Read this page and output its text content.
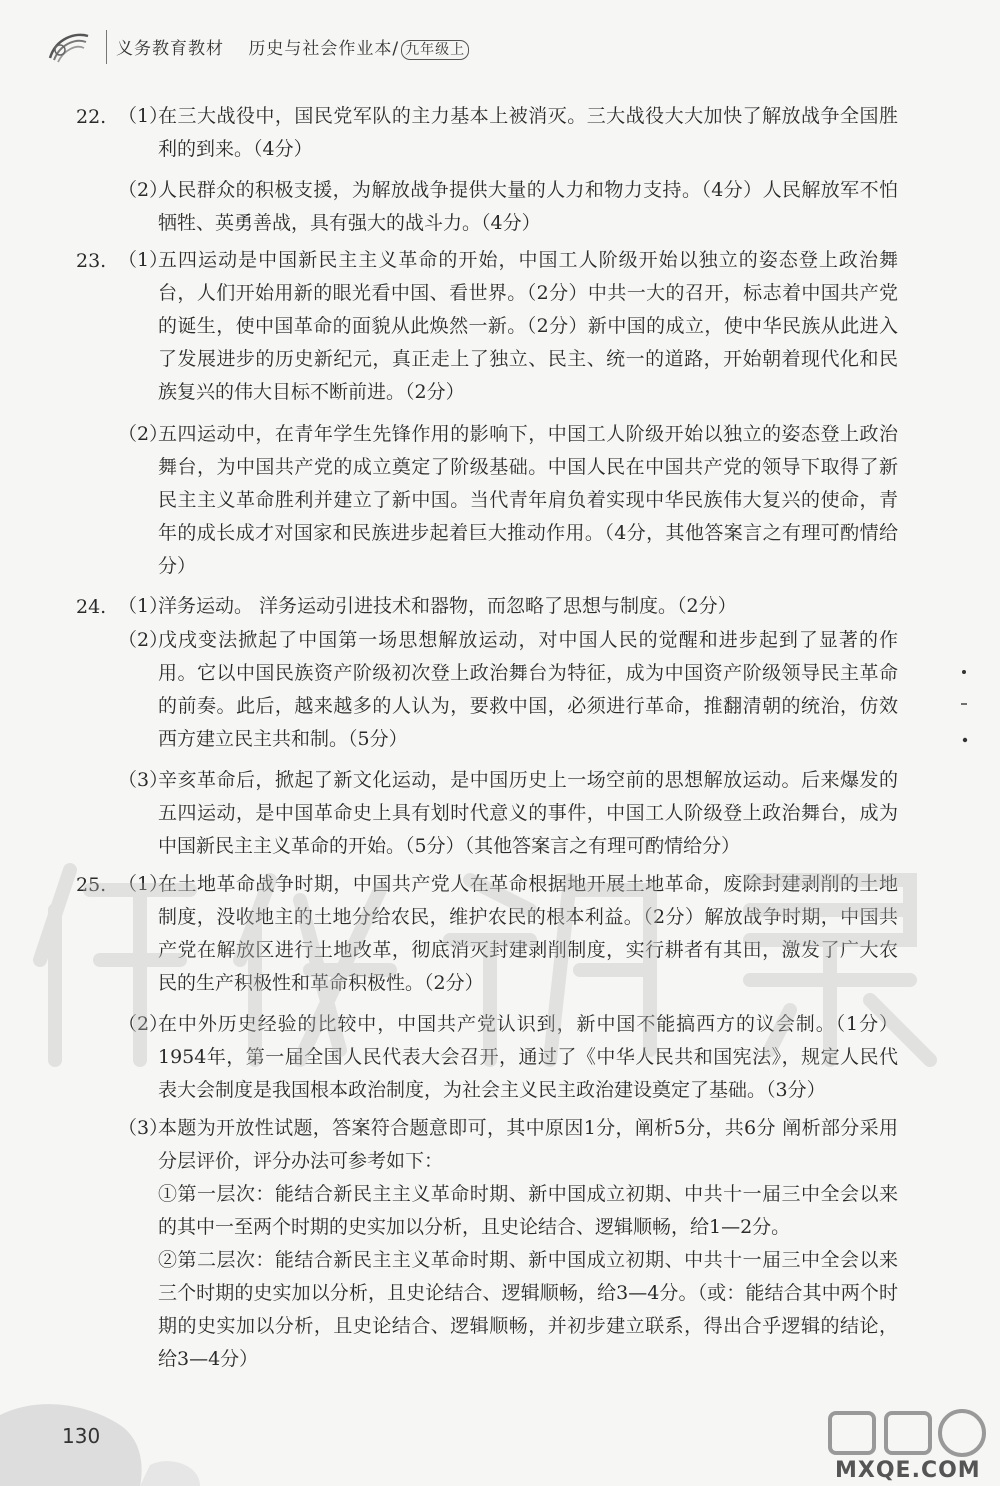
义务教育教材 历史与社会作业本/ 九年级上
22. （1）
在三大战役中，国民党军队的主力基本上被消灭。三大战役大大加快了解放战争全国胜利的到来。（4分）
（2）
人民群众的积极支援，为解放战争提供大量的人力和物力支持。（4分）人民解放军不怕牺牲、英勇善战，具有强大的战斗力。（4分）
23. （1）
五四运动是中国新民主主义革命的开始，中国工人阶级开始以独立的姿态登上政治舞台，人们开始用新的眼光看中国、看世界。（2分）中共一大的召开，标志着中国共产党的诞生，使中国革命的面貌从此焕然一新。（2分）新中国的成立，使中华民族从此进入了发展进步的历史新纪元，真正走上了独立、民主、统一的道路，开始朝着现代化和民族复兴的伟大目标不断前进。（2分）
（2）
五四运动中，在青年学生先锋作用的影响下，中国工人阶级开始以独立的姿态登上政治舞台，为中国共产党的成立奠定了阶级基础。中国人民在中国共产党的领导下取得了新民主主义革命胜利并建立了新中国。当代青年肩负着实现中华民族伟大复兴的使命，青年的成长成才对国家和民族进步起着巨大推动作用。（4分，其他答案言之有理可酌情给分）
24. （1）
洋务运动。 洋务运动引进技术和器物，而忽略了思想与制度。（2分）
（2）
戊戌变法掀起了中国第一场思想解放运动，对中国人民的觉醒和进步起到了显著的作用。它以中国民族资产阶级初次登上政治舞台为特征，成为中国资产阶级领导民主革命的前奏。此后，越来越多的人认为，要救中国，必须进行革命，推翻清朝的统治，仿效西方建立民主共和制。（5分）
（3）
辛亥革命后，掀起了新文化运动，是中国历史上一场空前的思想解放运动。后来爆发的五四运动，是中国革命史上具有划时代意义的事件，中国工人阶级登上政治舞台，成为中国新民主主义革命的开始。（5分）（其他答案言之有理可酌情给分）
25. （1）
在土地革命战争时期，中国共产党人在革命根据地开展土地革命，废除封建剥削的土地制度，没收地主的土地分给农民，维护农民的根本利益。（2分）解放战争时期，中国共产党在解放区进行土地改革，彻底消灭封建剥削制度，实行耕者有其田，激发了广大农民的生产积极性和革命积极性。（2分）
（2）
在中外历史经验的比较中，中国共产党认识到，新中国不能搞西方的议会制。（1分）1954年，第一届全国人民代表大会召开，通过了《中华人民共和国宪法》，规定人民代表大会制度是我国根本政治制度，为社会主义民主政治建设奠定了基础。（3分）
（3）
本题为开放性试题，答案符合题意即可，其中原因1分，阐析5分，共6分 阐析部分采用分层评价，评分办法可参考如下：
①第一层次：能结合新民主主义革命时期、新中国成立初期、中共十一届三中全会以来的其中一至两个时期的史实加以分析，且史论结合、逻辑顺畅，给1—2分。
②第二层次：能结合新民主主义革命时期、新中国成立初期、中共十一届三中全会以来三个时期的史实加以分析，且史论结合、逻辑顺畅，给3—4分。（或：能结合其中两个时期的史实加以分析，且史论结合、逻辑顺畅，并初步建立联系，得出合乎逻辑的结论，给3—4分）
130
MXQE.COM
